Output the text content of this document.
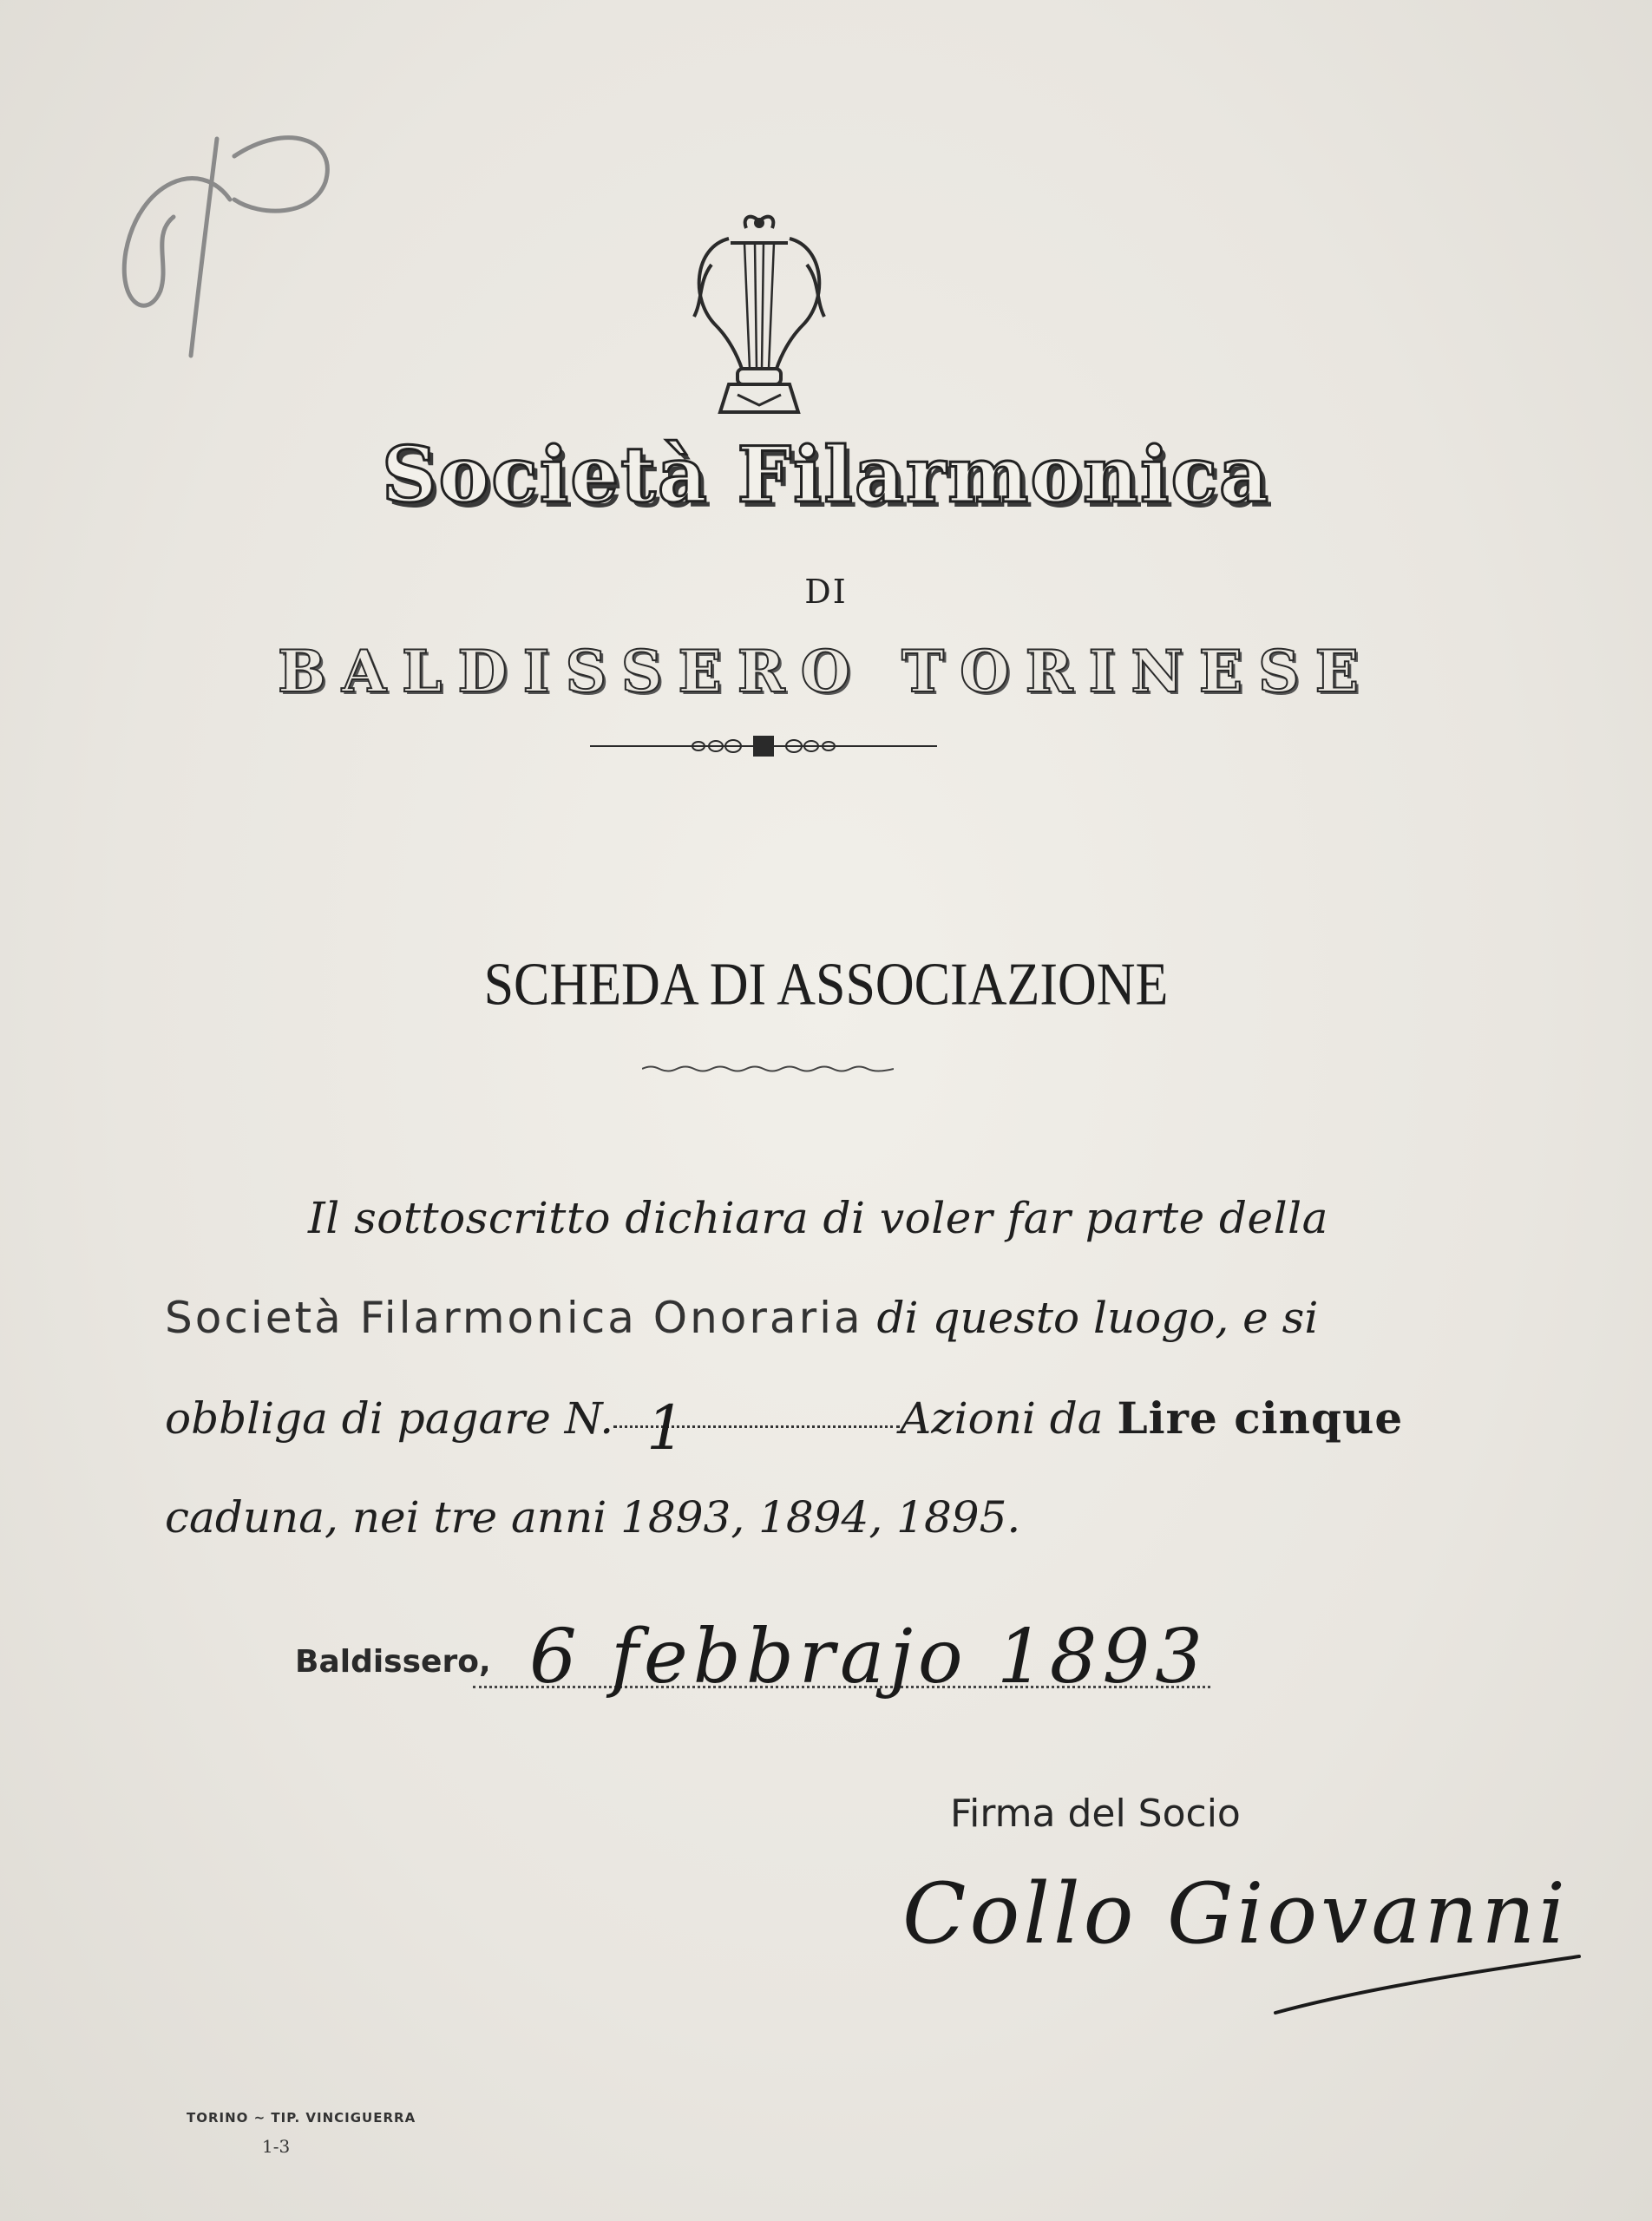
Società Filarmonica
DI
BALDISSERO TORINESE
SCHEDA DI ASSOCIAZIONE
Il sottoscritto dichiara di voler far parte della
Società Filarmonica Onoraria di questo luogo, e si
obbliga di pagare N.	Azioni da Lire cinque
caduna, nei tre anni 1893, 1894, 1895.
1
Baldissero, 6 febbrajo 1893
Firma del Socio
Collo Giovanni
TORINO ~ TIP. VINCIGUERRA
1-3
